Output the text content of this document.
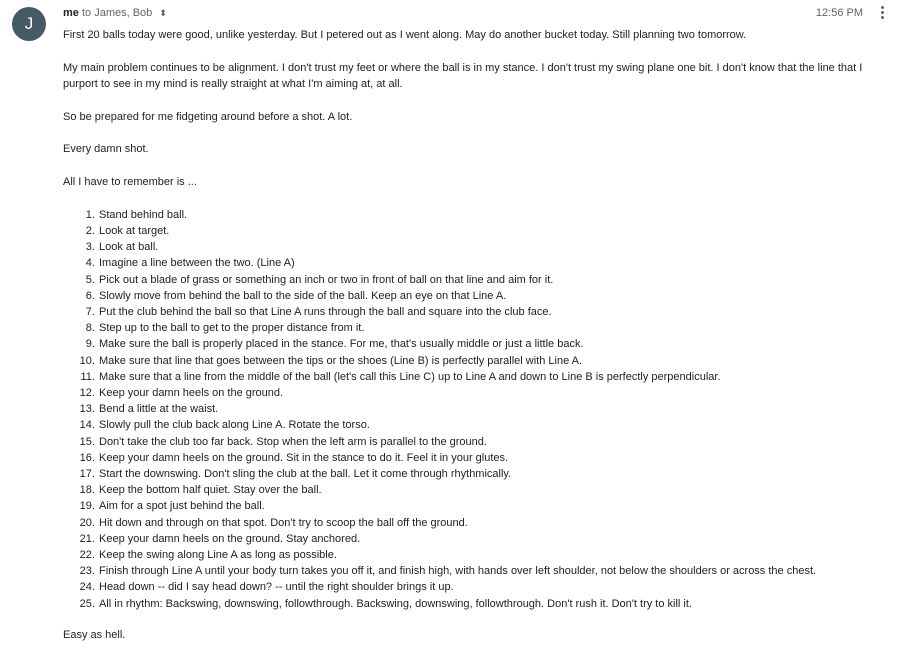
J
me to James, Bob ⬍	12:56 PM

First 20 balls today were good, unlike yesterday. But I petered out as I went along. May do another bucket today. Still planning two tomorrow.

My main problem continues to be alignment. I don't trust my feet or where the ball is in my stance. I don't trust my swing plane one bit. I don't know that the line that I purport to see in my mind is really straight at what I'm aiming at, at all.

So be prepared for me fidgeting around before a shot. A lot.

Every damn shot.

All I have to remember is ...

1. Stand behind ball.
2. Look at target.
3. Look at ball.
4. Imagine a line between the two. (Line A)
5. Pick out a blade of grass or something an inch or two in front of ball on that line and aim for it.
6. Slowly move from behind the ball to the side of the ball. Keep an eye on that Line A.
7. Put the club behind the ball so that Line A runs through the ball and square into the club face.
8. Step up to the ball to get to the proper distance from it.
9. Make sure the ball is properly placed in the stance. For me, that's usually middle or just a little back.
10. Make sure that line that goes between the tips or the shoes (Line B) is perfectly parallel with Line A.
11. Make sure that a line from the middle of the ball (let's call this Line C) up to Line A and down to Line B is perfectly perpendicular.
12. Keep your damn heels on the ground.
13. Bend a little at the waist.
14. Slowly pull the club back along Line A. Rotate the torso.
15. Don't take the club too far back. Stop when the left arm is parallel to the ground.
16. Keep your damn heels on the ground. Sit in the stance to do it. Feel it in your glutes.
17. Start the downswing. Don't sling the club at the ball. Let it come through rhythmically.
18. Keep the bottom half quiet. Stay over the ball.
19. Aim for a spot just behind the ball.
20. Hit down and through on that spot. Don't try to scoop the ball off the ground.
21. Keep your damn heels on the ground. Stay anchored.
22. Keep the swing along Line A as long as possible.
23. Finish through Line A until your body turn takes you off it, and finish high, with hands over left shoulder, not below the shoulders or across the chest.
24. Head down -- did I say head down? -- until the right shoulder brings it up.
25. All in rhythm: Backswing, downswing, followthrough. Backswing, downswing, followthrough. Don't rush it. Don't try to kill it.

Easy as hell.
